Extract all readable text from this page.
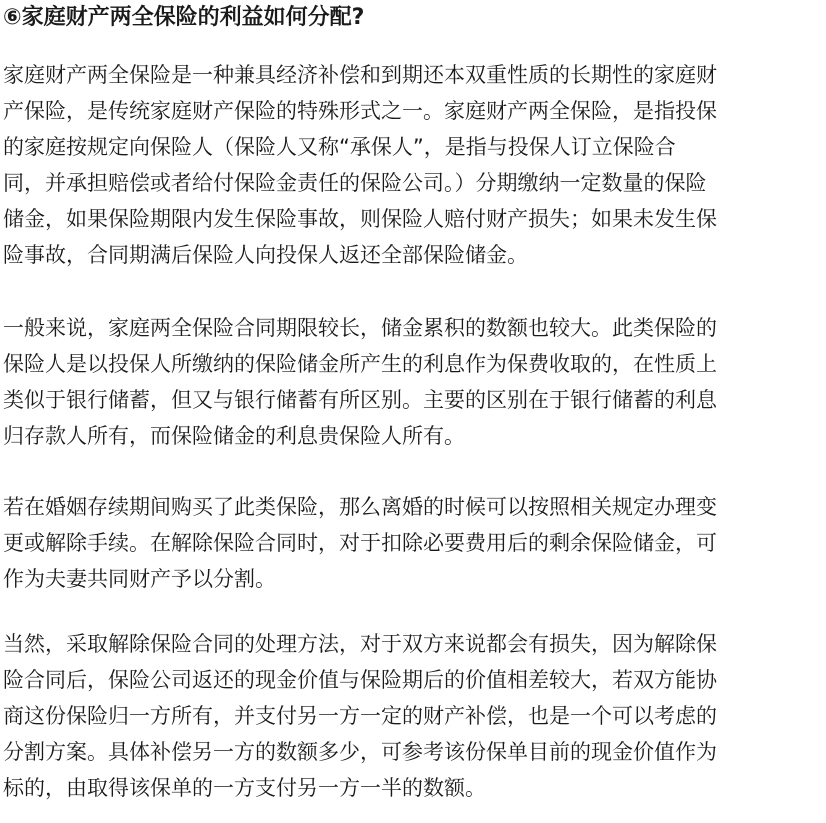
⑥家庭财产两全保险的利益如何分配?
家庭财产两全保险是一种兼具经济补偿和到期还本双重性质的长期性的家庭财
产保险，是传统家庭财产保险的特殊形式之一。家庭财产两全保险，是指投保
的家庭按规定向保险人（保险人又称“承保人”，是指与投保人订立保险合
同，并承担赔偿或者给付保险金责任的保险公司。）分期缴纳一定数量的保险
储金，如果保险期限内发生保险事故，则保险人赔付财产损失；如果未发生保
险事故，合同期满后保险人向投保人返还全部保险储金。
一般来说，家庭两全保险合同期限较长，储金累积的数额也较大。此类保险的
保险人是以投保人所缴纳的保险储金所产生的利息作为保费收取的，在性质上
类似于银行储蓄，但又与银行储蓄有所区别。主要的区别在于银行储蓄的利息
归存款人所有，而保险储金的利息贵保险人所有。
若在婚姻存续期间购买了此类保险，那么离婚的时候可以按照相关规定办理变
更或解除手续。在解除保险合同时，对于扣除必要费用后的剩余保险储金，可
作为夫妻共同财产予以分割。
当然，采取解除保险合同的处理方法，对于双方来说都会有损失，因为解除保
险合同后，保险公司返还的现金价值与保险期后的价值相差较大，若双方能协
商这份保险归一方所有，并支付另一方一定的财产补偿，也是一个可以考虑的
分割方案。具体补偿另一方的数额多少，可参考该份保单目前的现金价值作为
标的，由取得该保单的一方支付另一方一半的数额。
